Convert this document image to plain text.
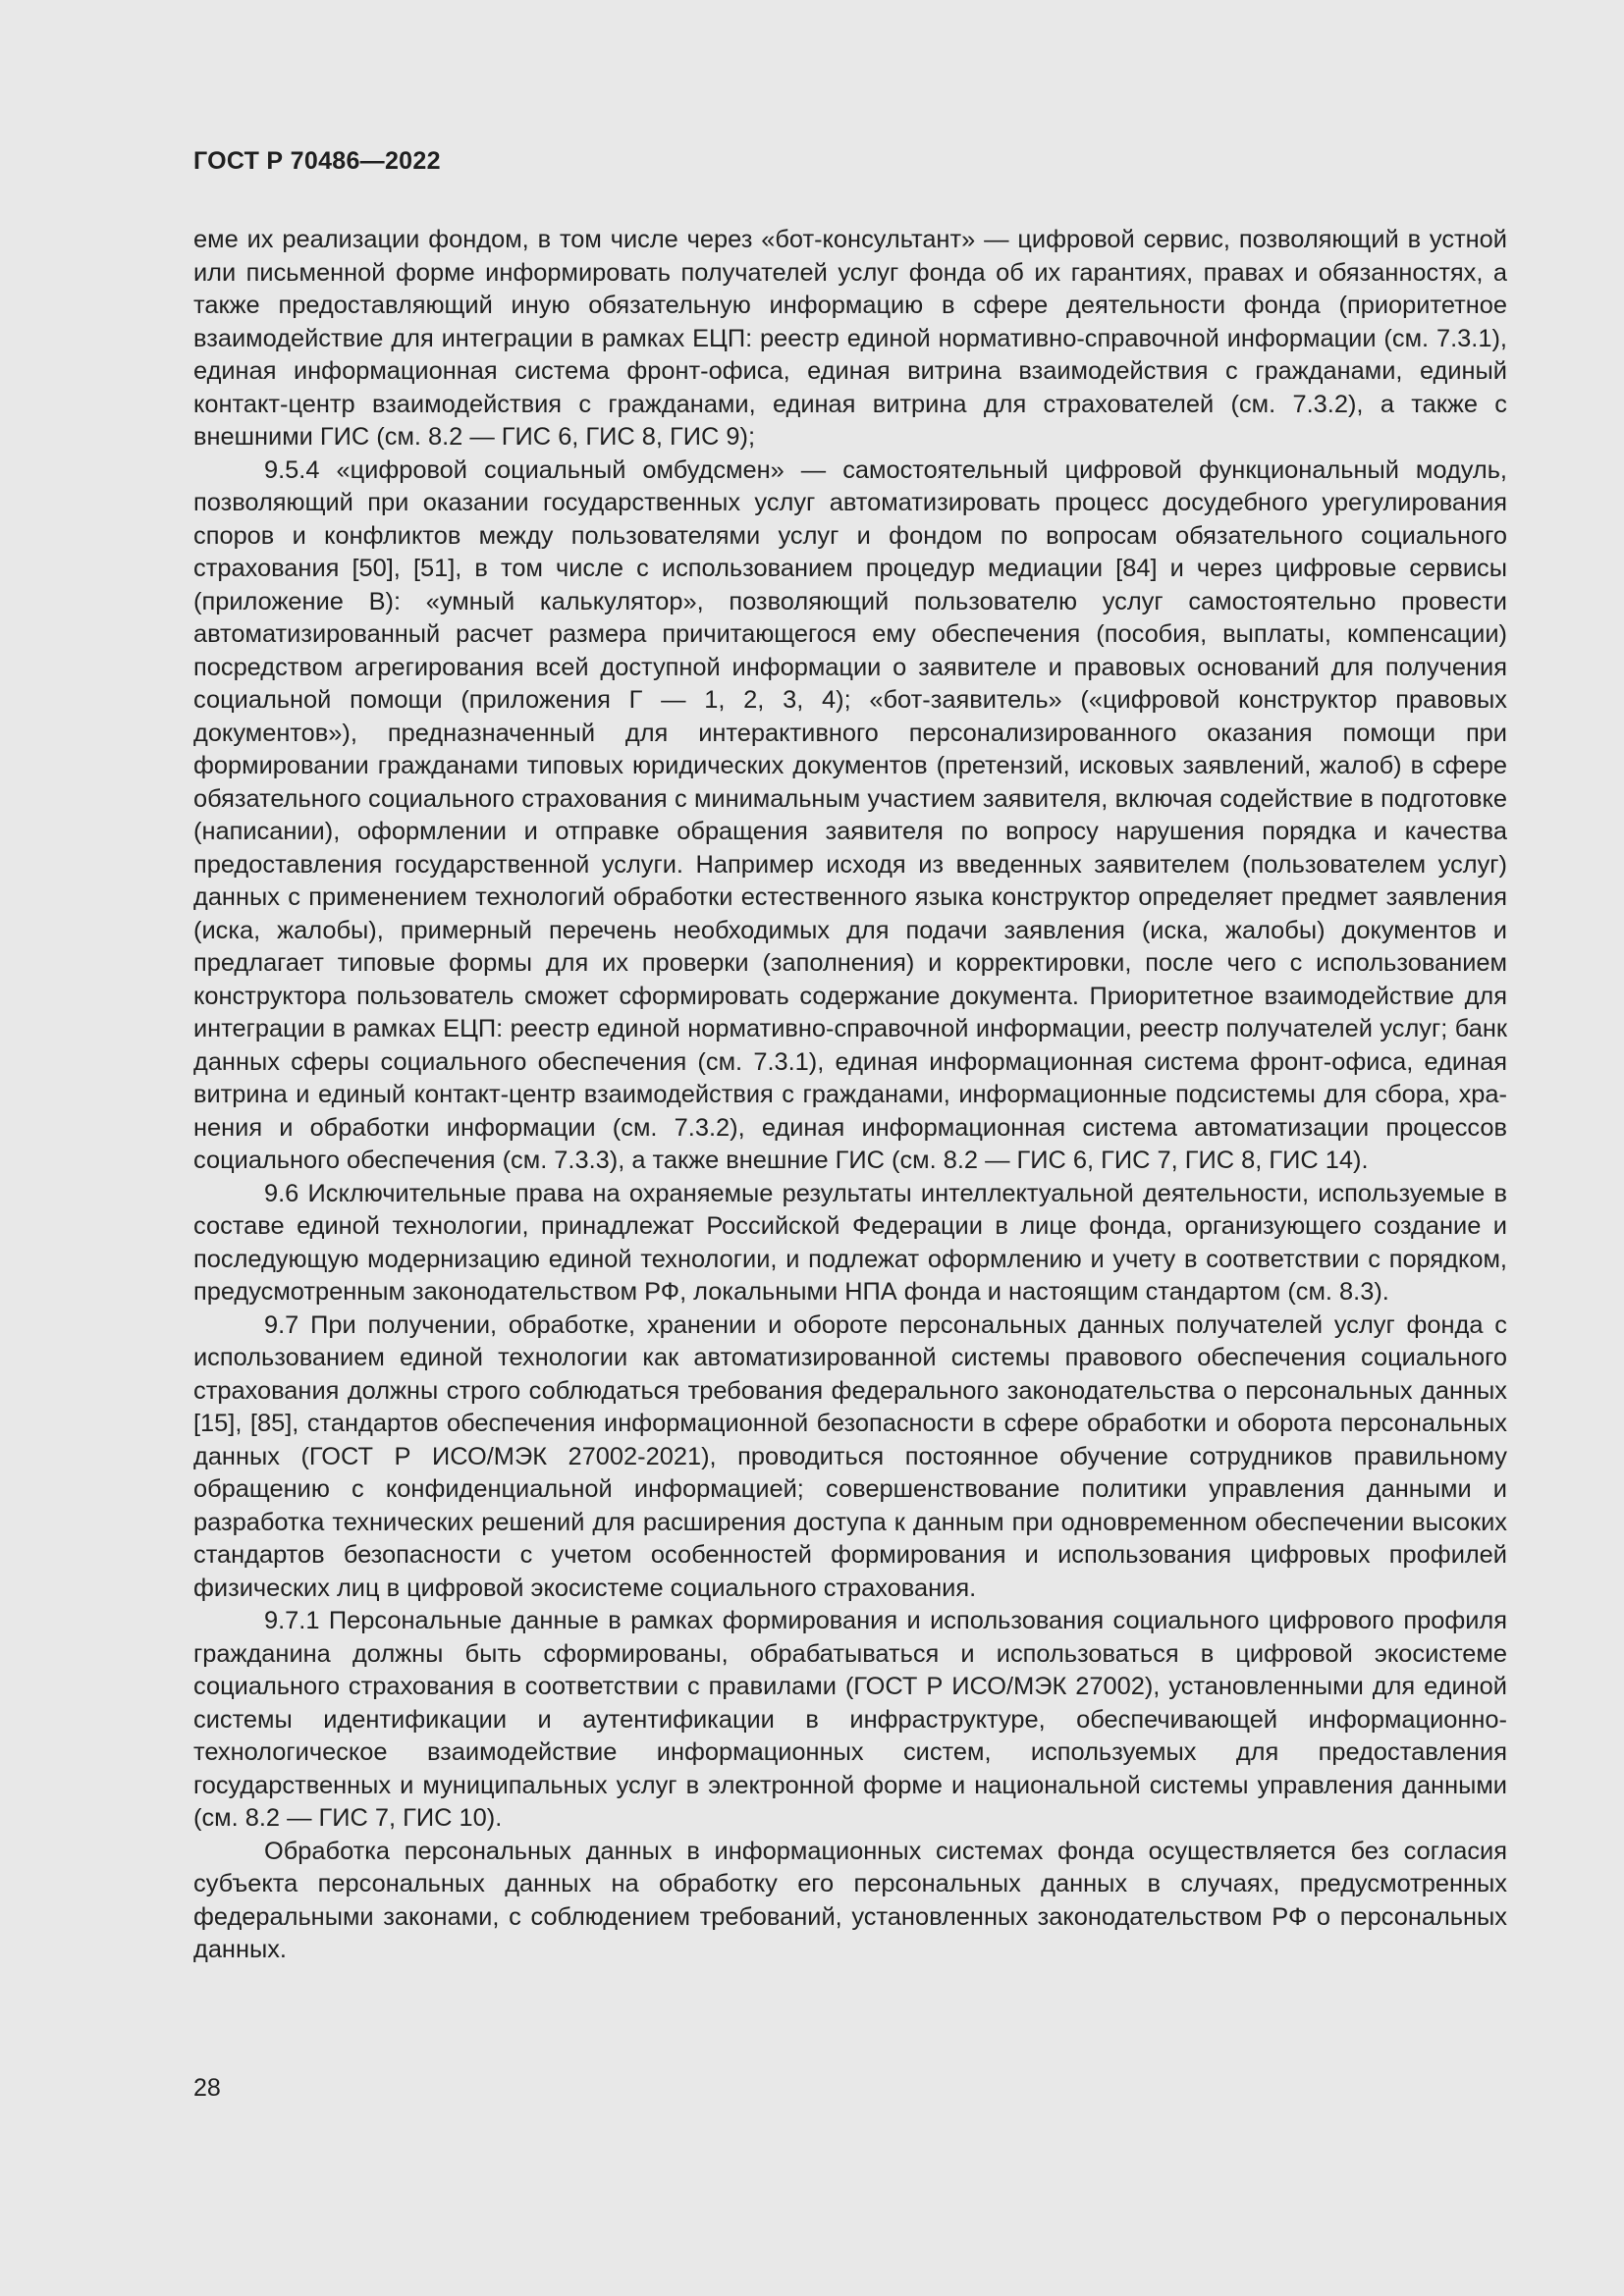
ГОСТ Р 70486—2022

еме их реализации фондом, в том числе через «бот-консультант» — цифровой сервис, позволяющий в устной или письменной форме информировать получателей услуг фонда об их гарантиях, правах и обязанностях, а также предоставляющий иную обязательную информацию в сфере деятельности фонда (приоритетное взаимодействие для интеграции в рамках ЕЦП: реестр единой нормативно-справочной информации (см. 7.3.1), единая информационная система фронт-офиса, единая витрина взаимодействия с гражданами, единый контакт-центр взаимодействия с гражданами, единая витрина для страхователей (см. 7.3.2), а также с внешними ГИС (см. 8.2 — ГИС 6, ГИС 8, ГИС 9);

9.5.4 «цифровой социальный омбудсмен» — самостоятельный цифровой функциональный модуль, позволяющий при оказании государственных услуг автоматизировать процесс досудебного урегулирования споров и конфликтов между пользователями услуг и фондом по вопросам обязательного социального страхования [50], [51], в том числе с использованием процедур медиации [84] и через цифровые сервисы (приложение В): «умный калькулятор», позволяющий пользователю услуг самостоятельно провести автоматизированный расчет размера причитающегося ему обеспечения (пособия, выплаты, компенсации) посредством агрегирования всей доступной информации о заявителе и правовых оснований для получения социальной помощи (приложения Г — 1, 2, 3, 4); «бот-заявитель» («цифровой конструктор правовых документов»), предназначенный для интерактивного персонализированного оказания помощи при формировании гражданами типовых юридических документов (претензий, исковых заявлений, жалоб) в сфере обязательного социального страхования с минимальным участием заявителя, включая содействие в подготовке (написании), оформлении и отправке обращения заявителя по вопросу нарушения порядка и качества предоставления государственной услуги. Например исходя из введенных заявителем (пользователем услуг) данных с применением технологий обработки естественного языка конструктор определяет предмет заявления (иска, жалобы), примерный перечень необходимых для подачи заявления (иска, жалобы) документов и предлагает типовые формы для их проверки (заполнения) и корректировки, после чего с использованием конструктора пользователь сможет сформировать содержание документа. Приоритетное взаимодействие для интеграции в рамках ЕЦП: реестр единой нормативно-справочной информации, реестр получателей услуг; банк данных сферы социального обеспечения (см. 7.3.1), единая информационная система фронт-офиса, единая витрина и единый контакт-центр взаимодействия с гражданами, информационные подсистемы для сбора, хранения и обработки информации (см. 7.3.2), единая информационная система автоматизации процессов социального обеспечения (см. 7.3.3), а также внешние ГИС (см. 8.2 — ГИС 6, ГИС 7, ГИС 8, ГИС 14).

9.6 Исключительные права на охраняемые результаты интеллектуальной деятельности, используемые в составе единой технологии, принадлежат Российской Федерации в лице фонда, организующего создание и последующую модернизацию единой технологии, и подлежат оформлению и учету в соответствии с порядком, предусмотренным законодательством РФ, локальными НПА фонда и настоящим стандартом (см. 8.3).

9.7 При получении, обработке, хранении и обороте персональных данных получателей услуг фонда с использованием единой технологии как автоматизированной системы правового обеспечения социального страхования должны строго соблюдаться требования федерального законодательства о персональных данных [15], [85], стандартов обеспечения информационной безопасности в сфере обработки и оборота персональных данных (ГОСТ Р ИСО/МЭК 27002-2021), проводиться постоянное обучение сотрудников правильному обращению с конфиденциальной информацией; совершенствование политики управления данными и разработка технических решений для расширения доступа к данным при одновременном обеспечении высоких стандартов безопасности с учетом особенностей формирования и использования цифровых профилей физических лиц в цифровой экосистеме социального страхования.

9.7.1 Персональные данные в рамках формирования и использования социального цифрового профиля гражданина должны быть сформированы, обрабатываться и использоваться в цифровой экосистеме социального страхования в соответствии с правилами (ГОСТ Р ИСО/МЭК 27002), установленными для единой системы идентификации и аутентификации в инфраструктуре, обеспечивающей информационно-технологическое взаимодействие информационных систем, используемых для предоставления государственных и муниципальных услуг в электронной форме и национальной системы управления данными (см. 8.2 — ГИС 7, ГИС 10).

Обработка персональных данных в информационных системах фонда осуществляется без согласия субъекта персональных данных на обработку его персональных данных в случаях, предусмотренных федеральными законами, с соблюдением требований, установленных законодательством РФ о персональных данных.

28
